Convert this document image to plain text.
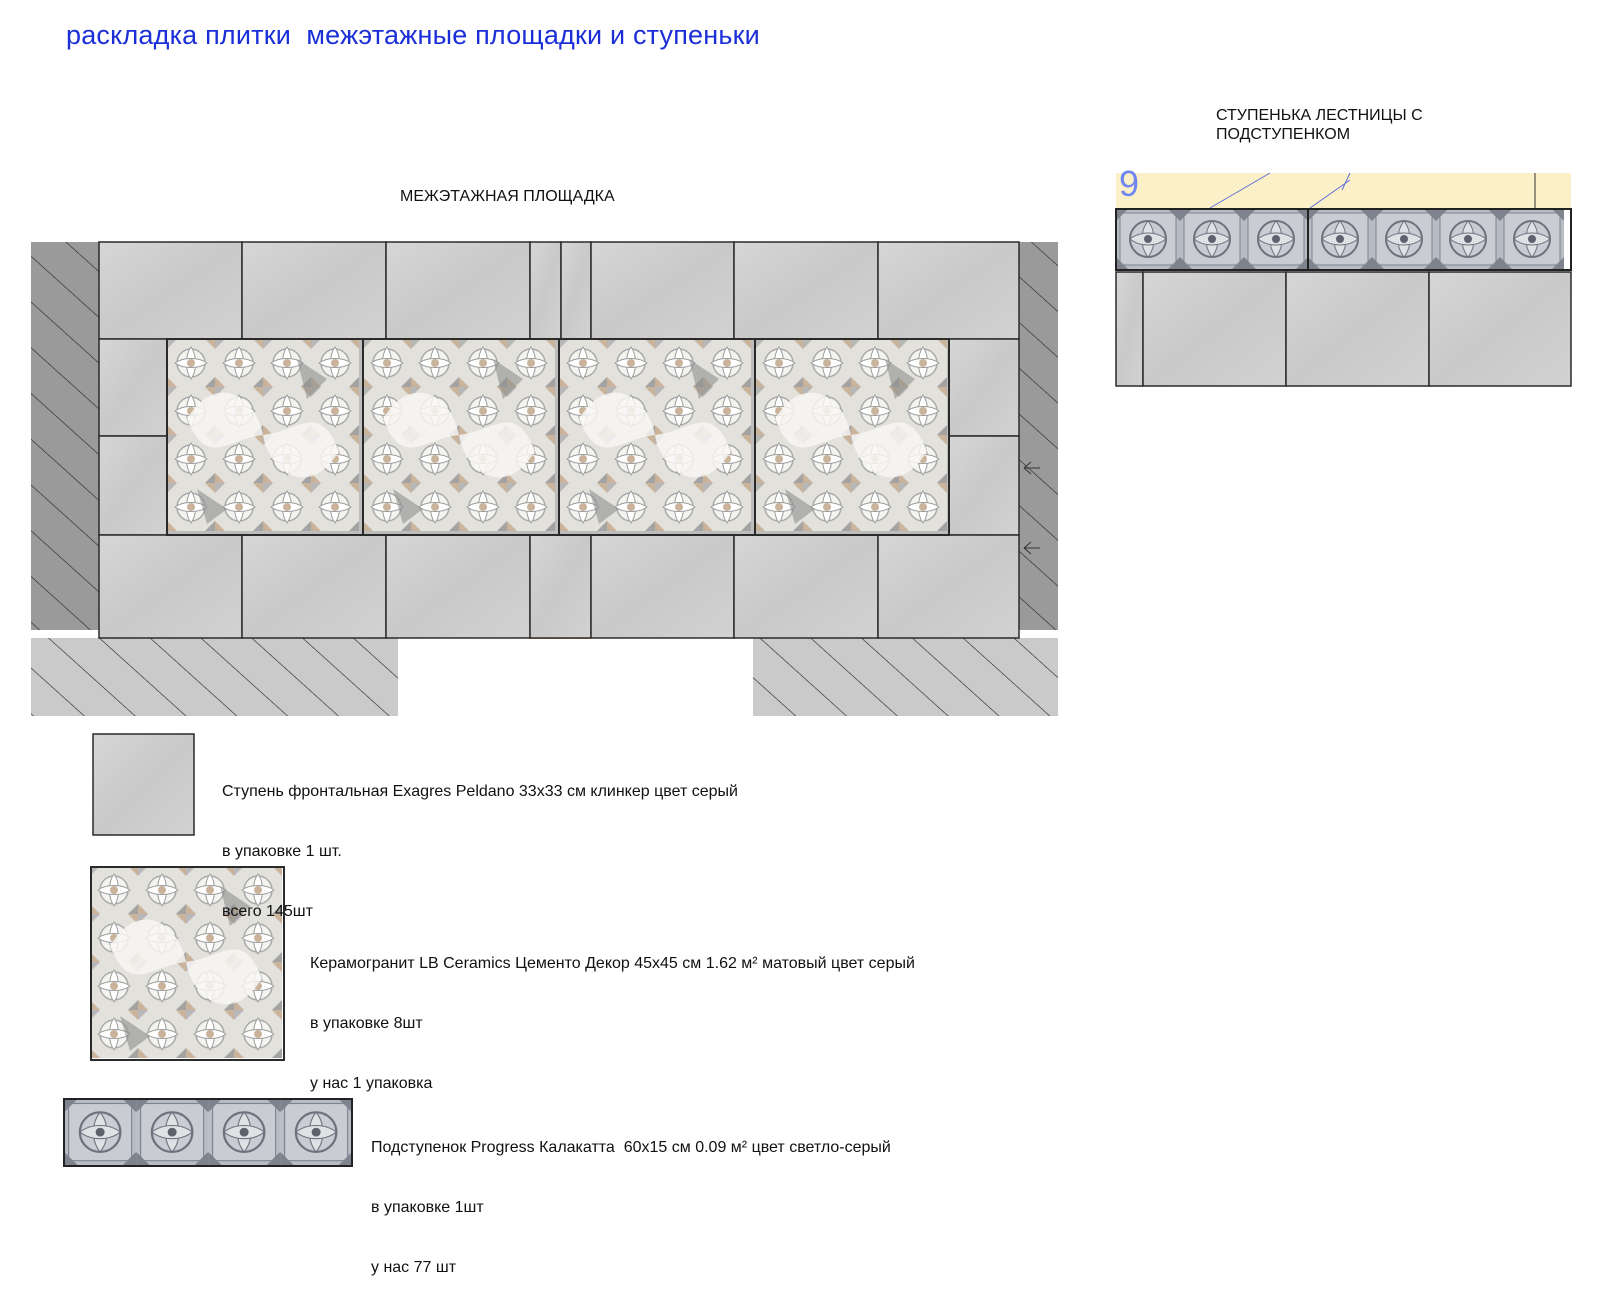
раскладка плитки  межэтажные площадки и ступеньки
МЕЖЭТАЖНАЯ ПЛОЩАДКА
СТУПЕНЬКА ЛЕСТНИЦЫ С
ПОДСТУПЕНКОМ
9

Ступень фронтальная Exagres Peldano 33x33 см клинкер цвет серый

в упаковке 1 шт.

всего 145шт

Керамогранит LB Ceramics Цементо Декор 45x45 см 1.62 м² матовый цвет серый

в упаковке 8шт

у нас 1 упаковка

Подступенок Progress Калакатта  60x15 см 0.09 м² цвет светло-серый

в упаковке 1шт

у нас 77 шт
